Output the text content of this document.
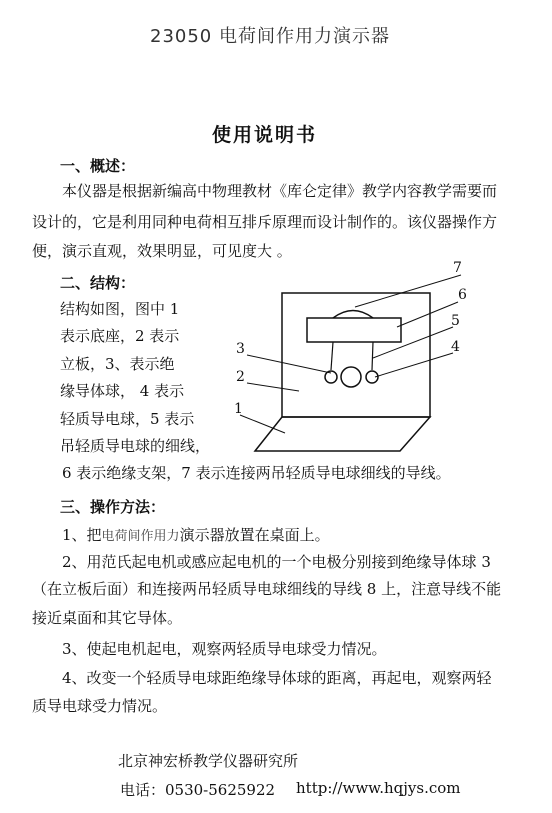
23050 电荷间作用力演示器
使用说明书
一、概述：
本仪器是根据新编高中物理教材《库仑定律》教学内容教学需要而
设计的，它是利用同种电荷相互排斥原理而设计制作的。该仪器操作方
便，演示直观，效果明显，可见度大 。
二、结构：
结构如图，图中 1
表示底座，2 表示
立板，3、表示绝
缘导体球， 4 表示
轻质导电球，5 表示
吊轻质导电球的细线，
6 表示绝缘支架，7 表示连接两吊轻质导电球细线的导线。
1
2
3	4
5
6
7
三、操作方法：
1、把电荷间作用力演示器放置在桌面上。
2、用范氏起电机或感应起电机的一个电极分别接到绝缘导体球 3
（在立板后面）和连接两吊轻质导电球细线的导线 8 上，注意导线不能
接近桌面和其它导体。
3、使起电机起电，观察两轻质导电球受力情况。
4、改变一个轻质导电球距绝缘导体球的距离，再起电，观察两轻
质导电球受力情况。
北京神宏桥教学仪器研究所
电话：0530-5625922 http://www.hqjys.com
